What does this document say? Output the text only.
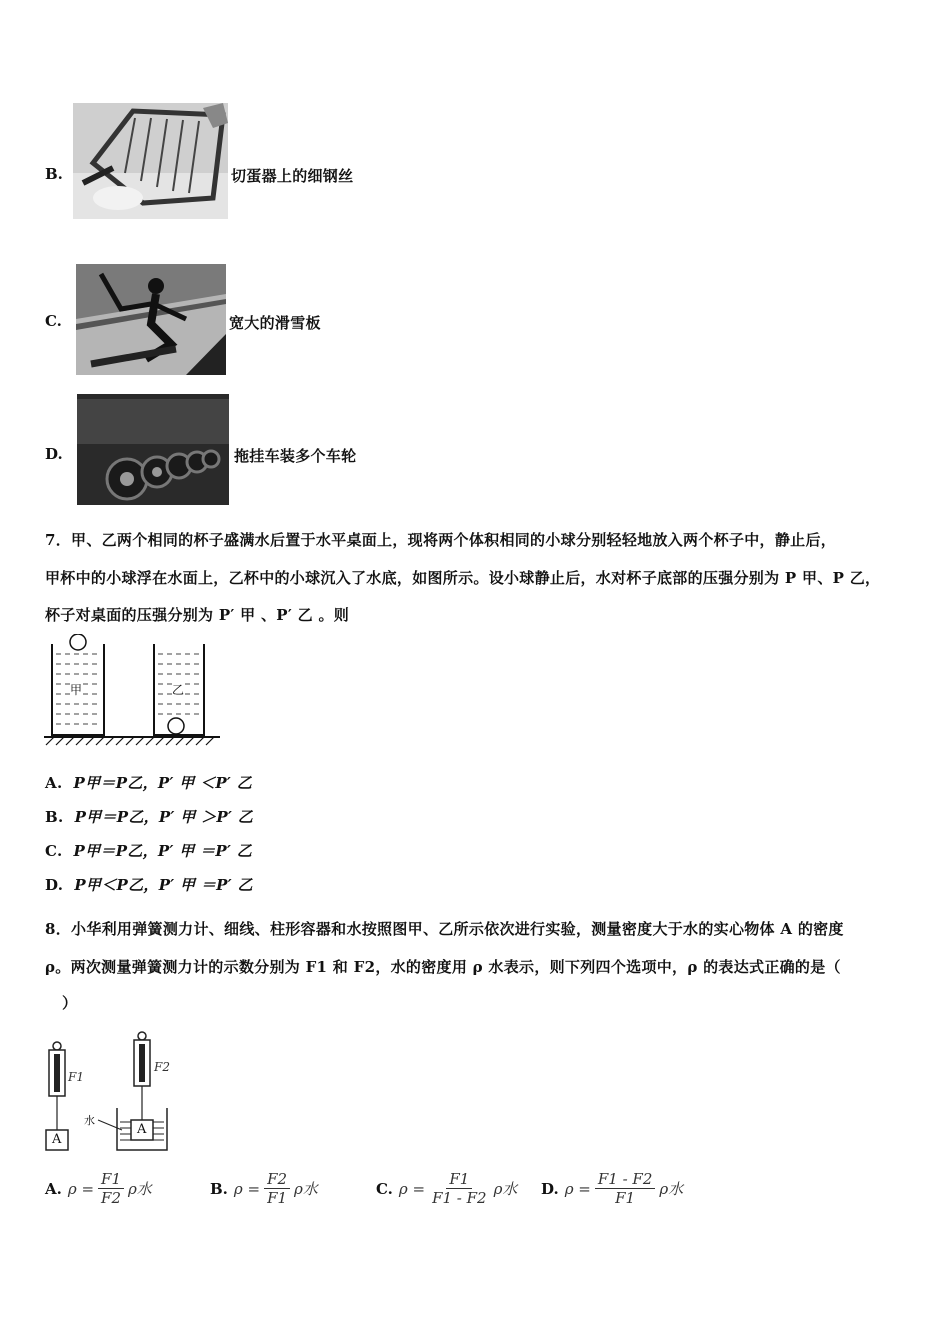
B.	切蛋器上的细钢丝
C.	宽大的滑雪板
D.	拖挂车装多个车轮
7．甲、乙两个相同的杯子盛满水后置于水平桌面上，现将两个体积相同的小球分别轻轻地放入两个杯子中，静止后，
甲杯中的小球浮在水面上，乙杯中的小球沉入了水底，如图所示。设小球静止后，水对杯子底部的压强分别为 P 甲、P 乙，
杯子对桌面的压强分别为 P′ 甲 、P′ 乙 。则
甲	乙
A. P甲＝P乙，P′ 甲 ＜P′ 乙
B. P甲＝P乙，P′ 甲 ＞P′ 乙
C. P甲＝P乙，P′ 甲 ＝P′ 乙
D. P甲＜P乙，P′ 甲 ＝P′ 乙
8．小华利用弹簧测力计、细线、柱形容器和水按照图甲、乙所示依次进行实验，测量密度大于水的实心物体 A 的密度
ρ。两次测量弹簧测力计的示数分别为 F1 和 F2，水的密度用 ρ 水表示，则下列四个选项中，ρ 的表达式正确的是（
）
F1
F2
A
A
水
A. $\rho = \frac{F1}{F2}$ ρ水	B. $\rho = \frac{F2}{F1}$ ρ水	C. $\rho = \frac{F1}{F1 - F2}$ ρ水 D. $\rho = \frac{F1 - F2}{F1}$ ρ水
